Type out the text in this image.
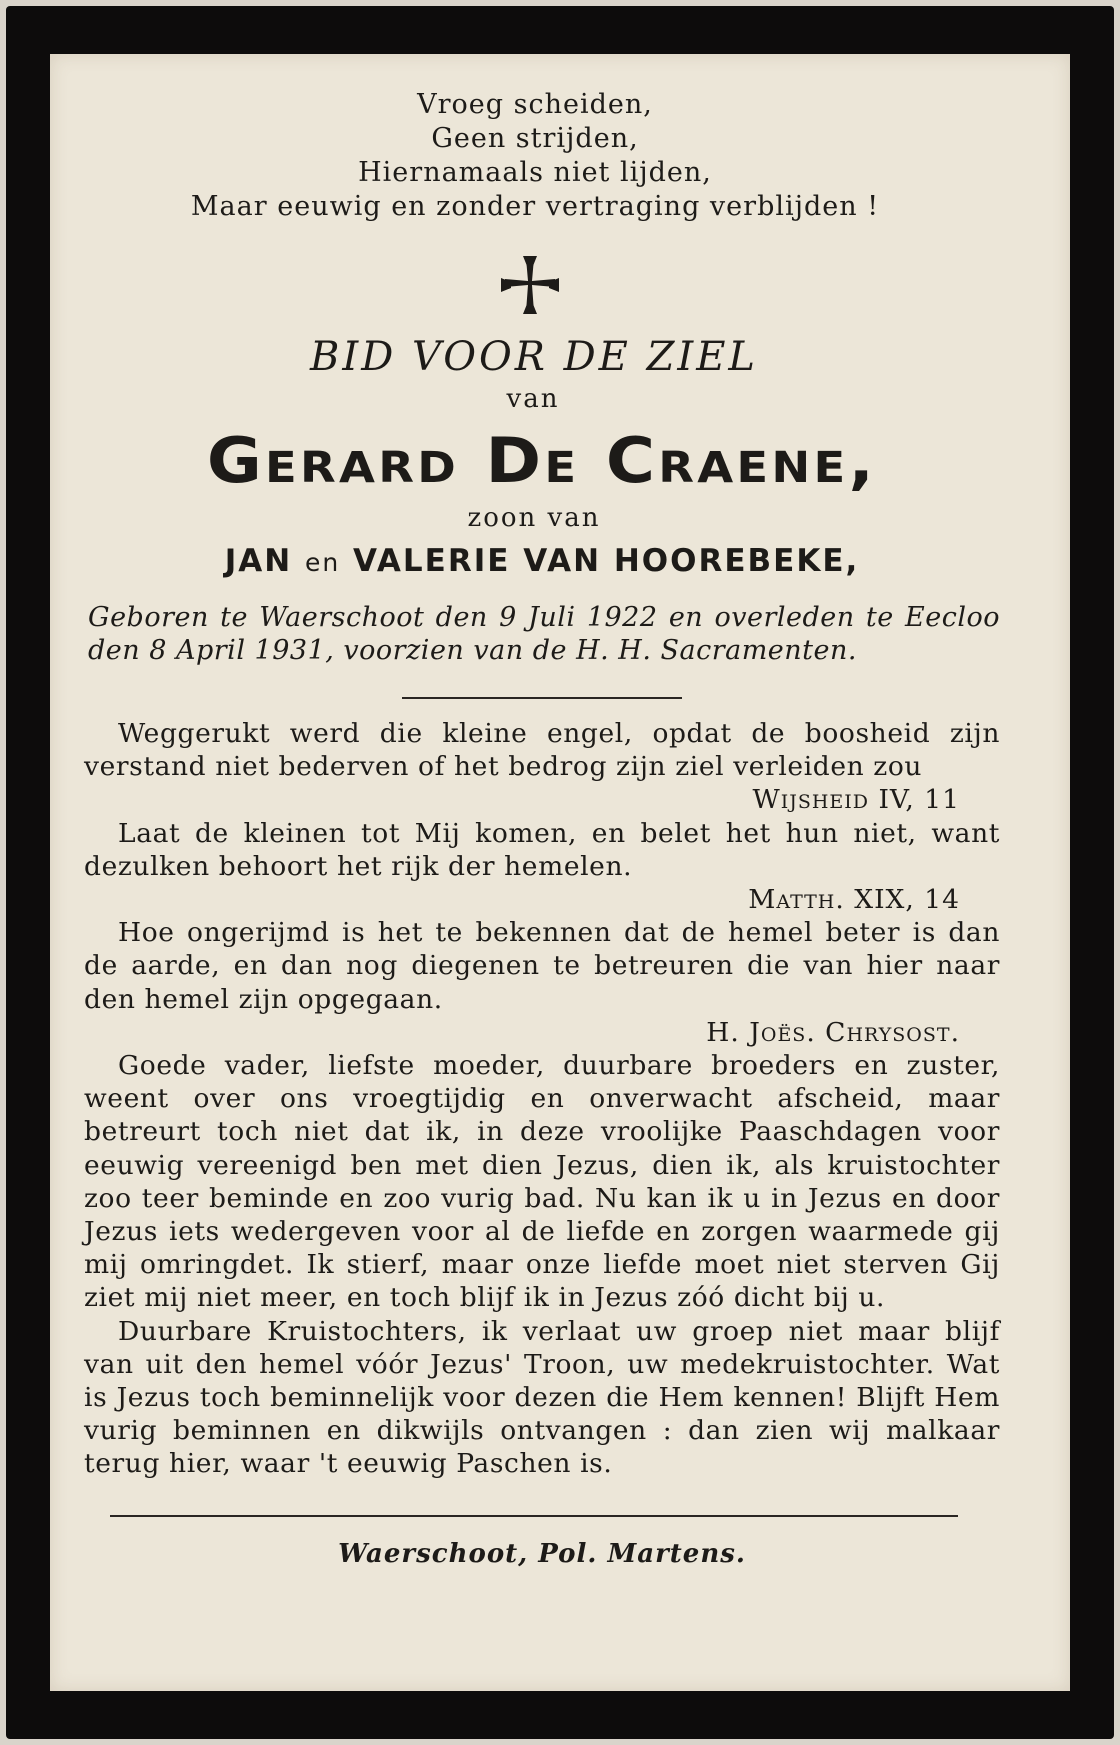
Vroeg scheiden,
Geen strijden,
Hiernamaals niet lijden,
Maar eeuwig en zonder vertraging verblijden !
BID VOOR DE ZIEL
van
Gerard De Craene,
zoon van
JAN en VALERIE VAN HOOREBEKE,
Geboren te Waerschoot den 9 Juli 1922 en overleden te Eecloo den 8 April 1931, voorzien van de H. H. Sacramenten.

Weggerukt werd die kleine engel, opdat de boosheid zijn verstand niet bederven of het bedrog zijn ziel verleiden zou

Wijsheid IV, 11

Laat de kleinen tot Mij komen, en belet het hun niet, want dezulken behoort het rijk der hemelen.

Matth. XIX, 14

Hoe ongerijmd is het te bekennen dat de hemel beter is dan de aarde, en dan nog diegenen te betreuren die van hier naar den hemel zijn opgegaan.

H. Joës. Chrysost.

Goede vader, liefste moeder, duurbare broeders en zuster, weent over ons vroegtijdig en onverwacht afscheid, maar betreurt toch niet dat ik, in deze vroolijke Paaschdagen voor eeuwig vereenigd ben met dien Jezus, dien ik, als kruistochter zoo teer beminde en zoo vurig bad. Nu kan ik u in Jezus en door Jezus iets wedergeven voor al de liefde en zorgen waarmede gij mij omringdet. Ik stierf, maar onze liefde moet niet sterven Gij ziet mij niet meer, en toch blijf ik in Jezus zóó dicht bij u.

Duurbare Kruistochters, ik verlaat uw groep niet maar blijf van uit den hemel vóór Jezus' Troon, uw medekruistochter. Wat is Jezus toch beminnelijk voor dezen die Hem kennen! Blijft Hem vurig beminnen en dikwijls ontvangen : dan zien wij malkaar terug hier, waar 't eeuwig Paschen is.

Waerschoot, Pol. Martens.
